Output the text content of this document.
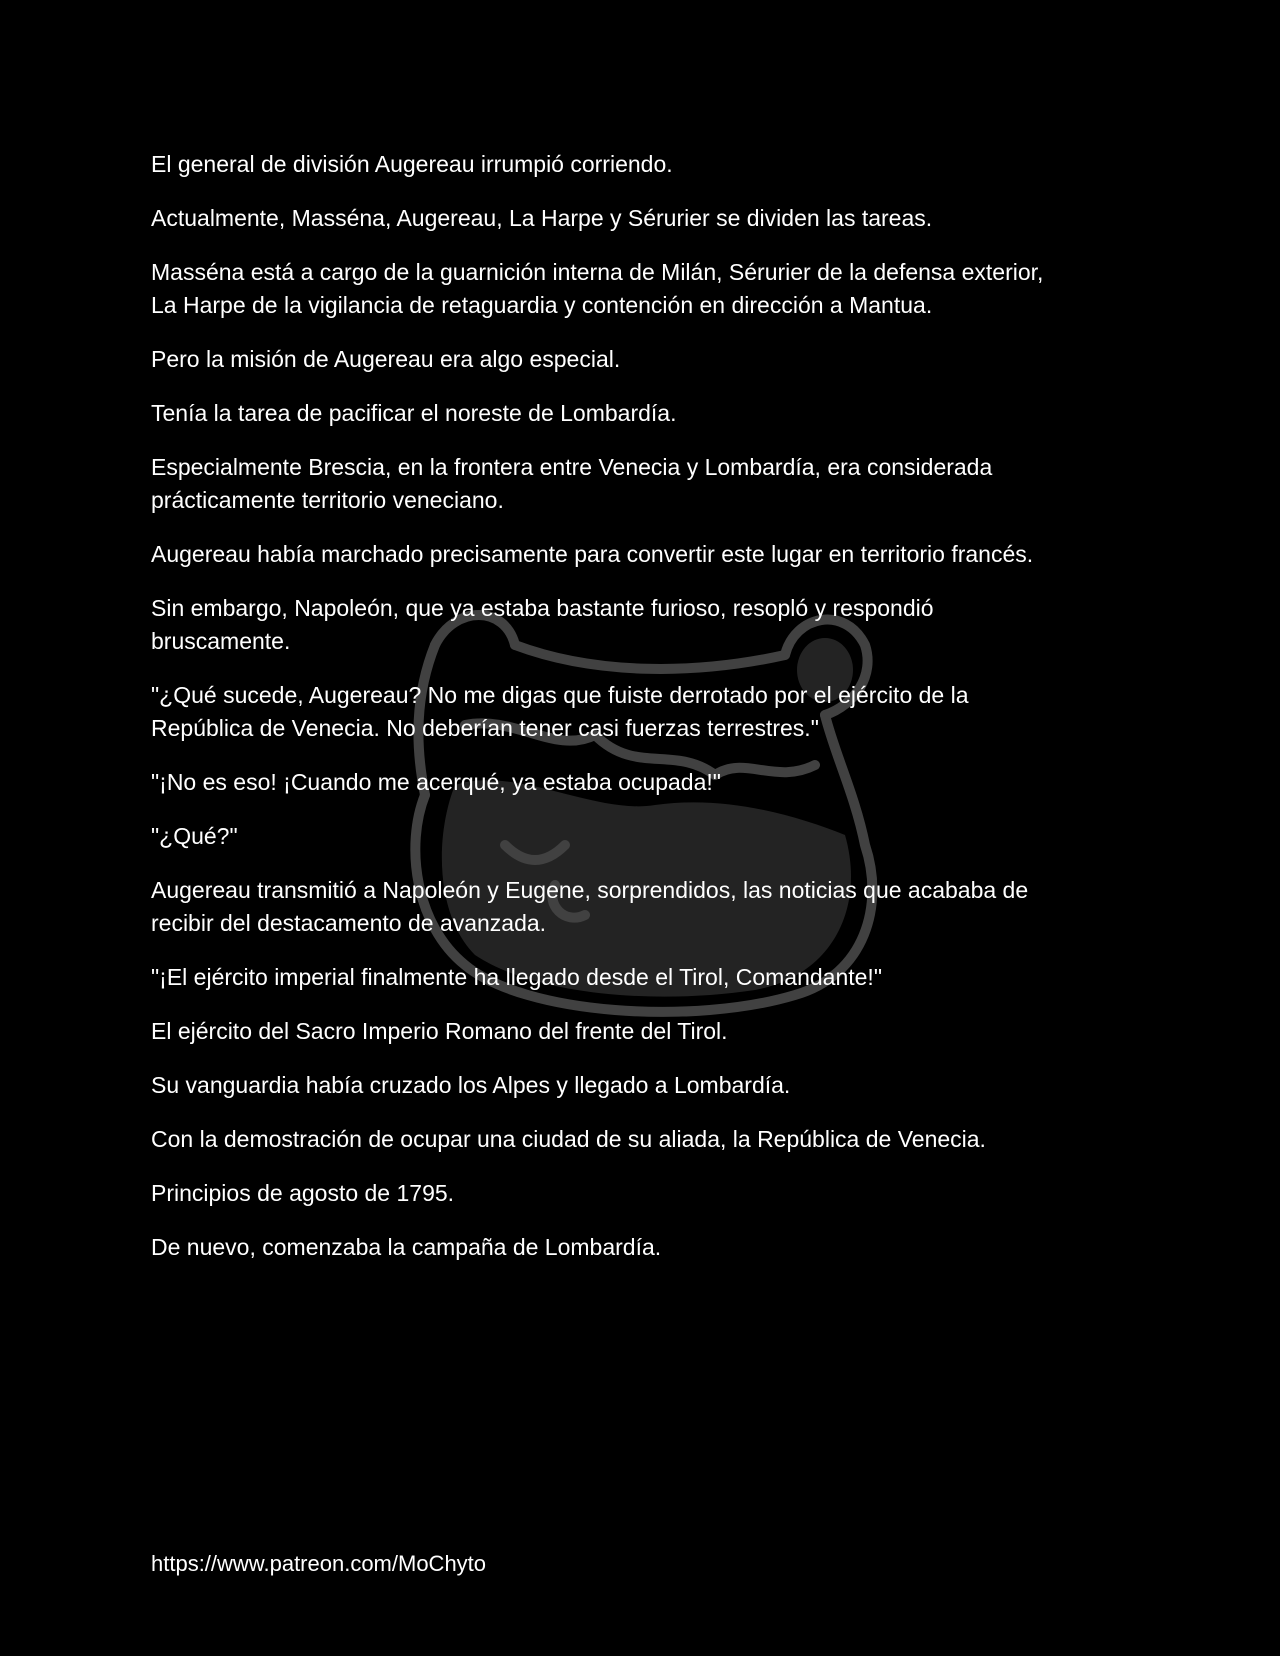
El general de división Augereau irrumpió corriendo.

Actualmente, Masséna, Augereau, La Harpe y Sérurier se dividen las tareas.

Masséna está a cargo de la guarnición interna de Milán, Sérurier de la defensa exterior,
La Harpe de la vigilancia de retaguardia y contención en dirección a Mantua.

Pero la misión de Augereau era algo especial.

Tenía la tarea de pacificar el noreste de Lombardía.

Especialmente Brescia, en la frontera entre Venecia y Lombardía, era considerada
prácticamente territorio veneciano.

Augereau había marchado precisamente para convertir este lugar en territorio francés.

Sin embargo, Napoleón, que ya estaba bastante furioso, resopló y respondió
bruscamente.

"¿Qué sucede, Augereau? No me digas que fuiste derrotado por el ejército de la
República de Venecia. No deberían tener casi fuerzas terrestres."

"¡No es eso! ¡Cuando me acerqué, ya estaba ocupada!"

"¿Qué?"

Augereau transmitió a Napoleón y Eugene, sorprendidos, las noticias que acababa de
recibir del destacamento de avanzada.

"¡El ejército imperial finalmente ha llegado desde el Tirol, Comandante!"

El ejército del Sacro Imperio Romano del frente del Tirol.

Su vanguardia había cruzado los Alpes y llegado a Lombardía.

Con la demostración de ocupar una ciudad de su aliada, la República de Venecia.

Principios de agosto de 1795.

De nuevo, comenzaba la campaña de Lombardía.

https://www.patreon.com/MoChyto
